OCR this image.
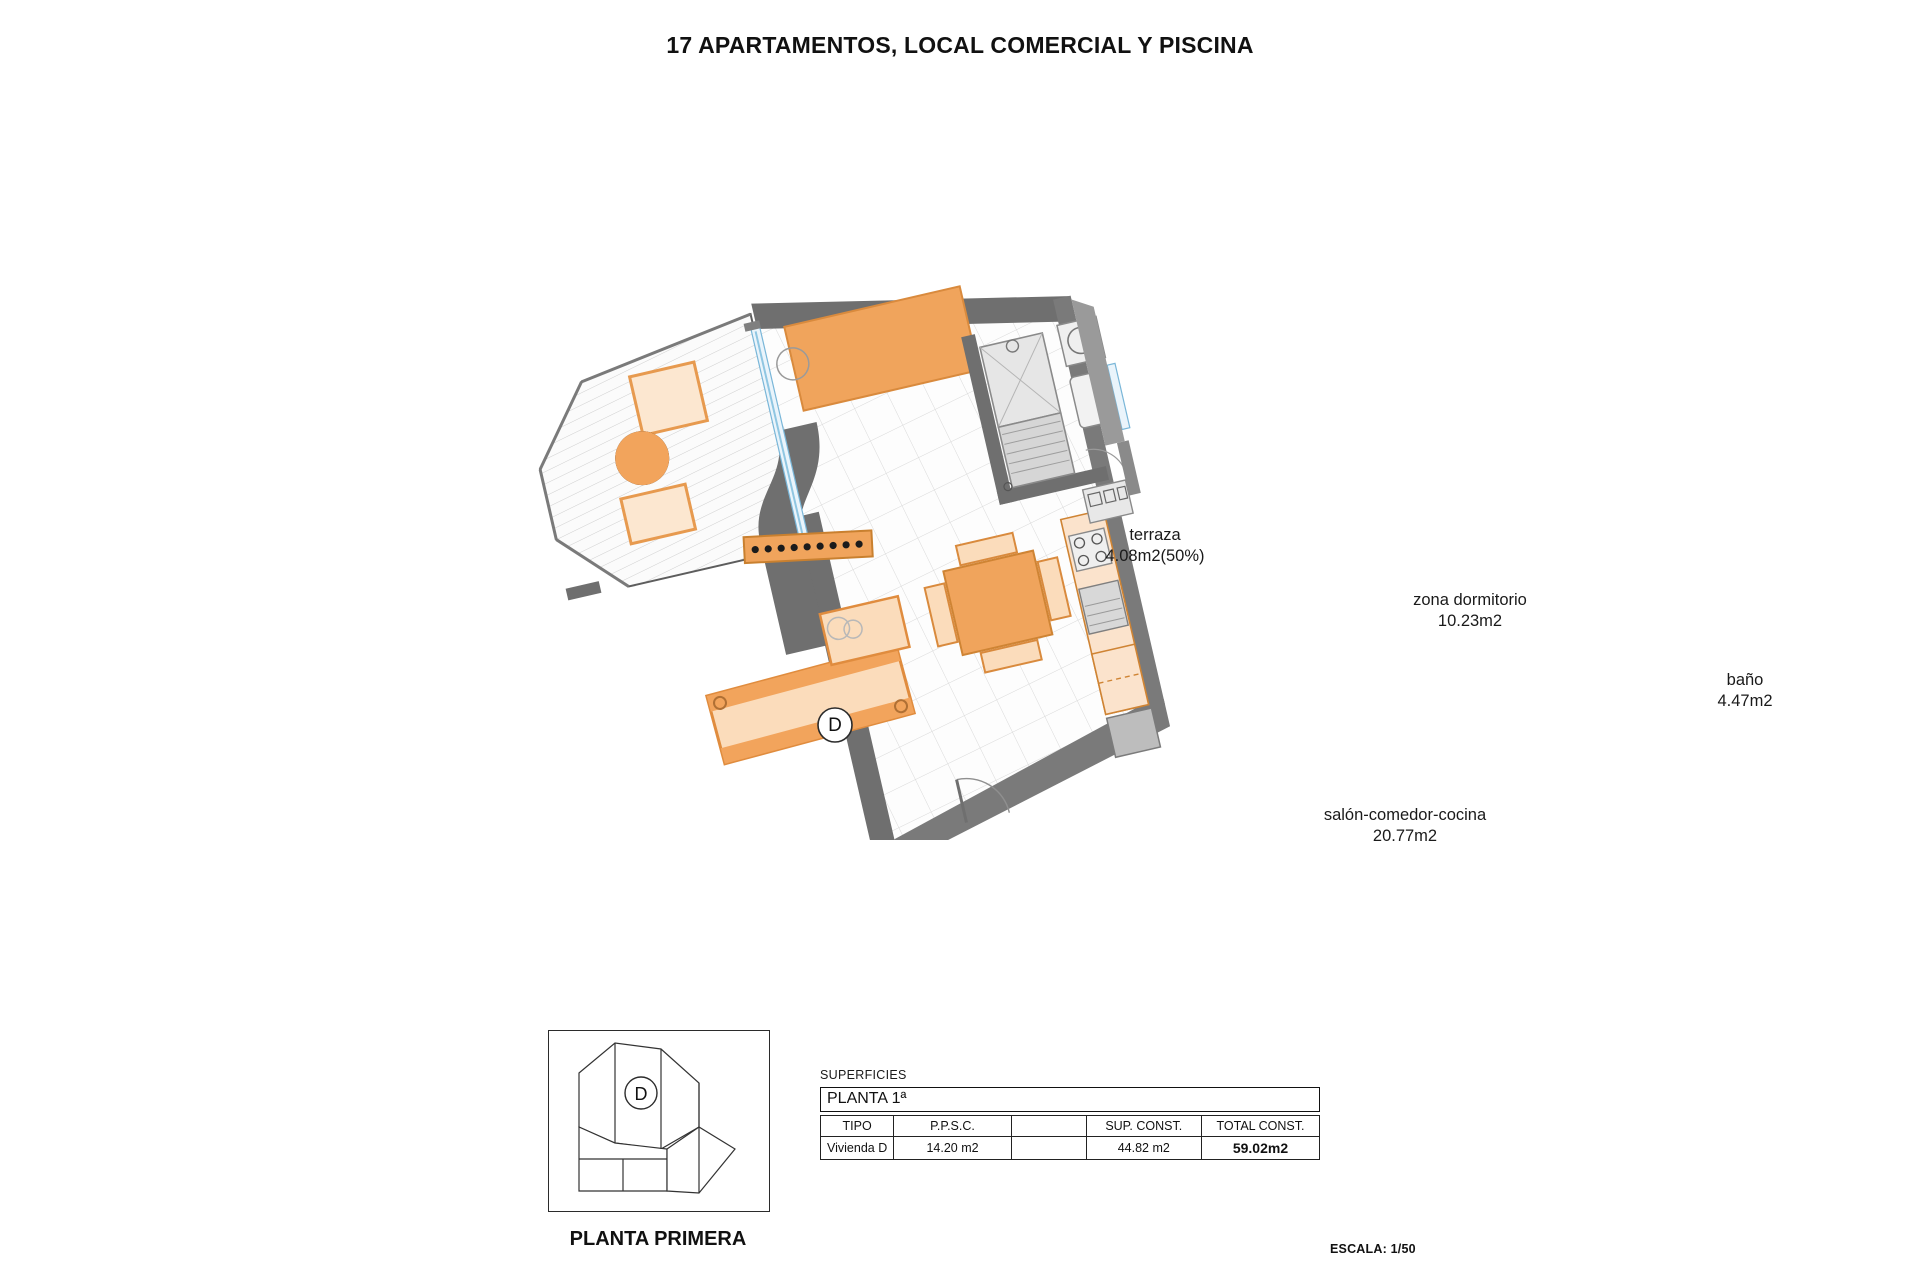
17 APARTAMENTOS, LOCAL COMERCIAL Y PISCINA
D
terraza
4.08m2(50%)
zona dormitorio
10.23m2
salón-comedor-cocina
20.77m2
baño
4.47m2
D
PLANTA PRIMERA
SUPERFICIES
PLANTA 1ª
TIPO	P.P.S.C.		SUP. CONST.	TOTAL CONST.
Vivienda D	14.20 m2		44.82 m2	59.02m2
ESCALA: 1/50
